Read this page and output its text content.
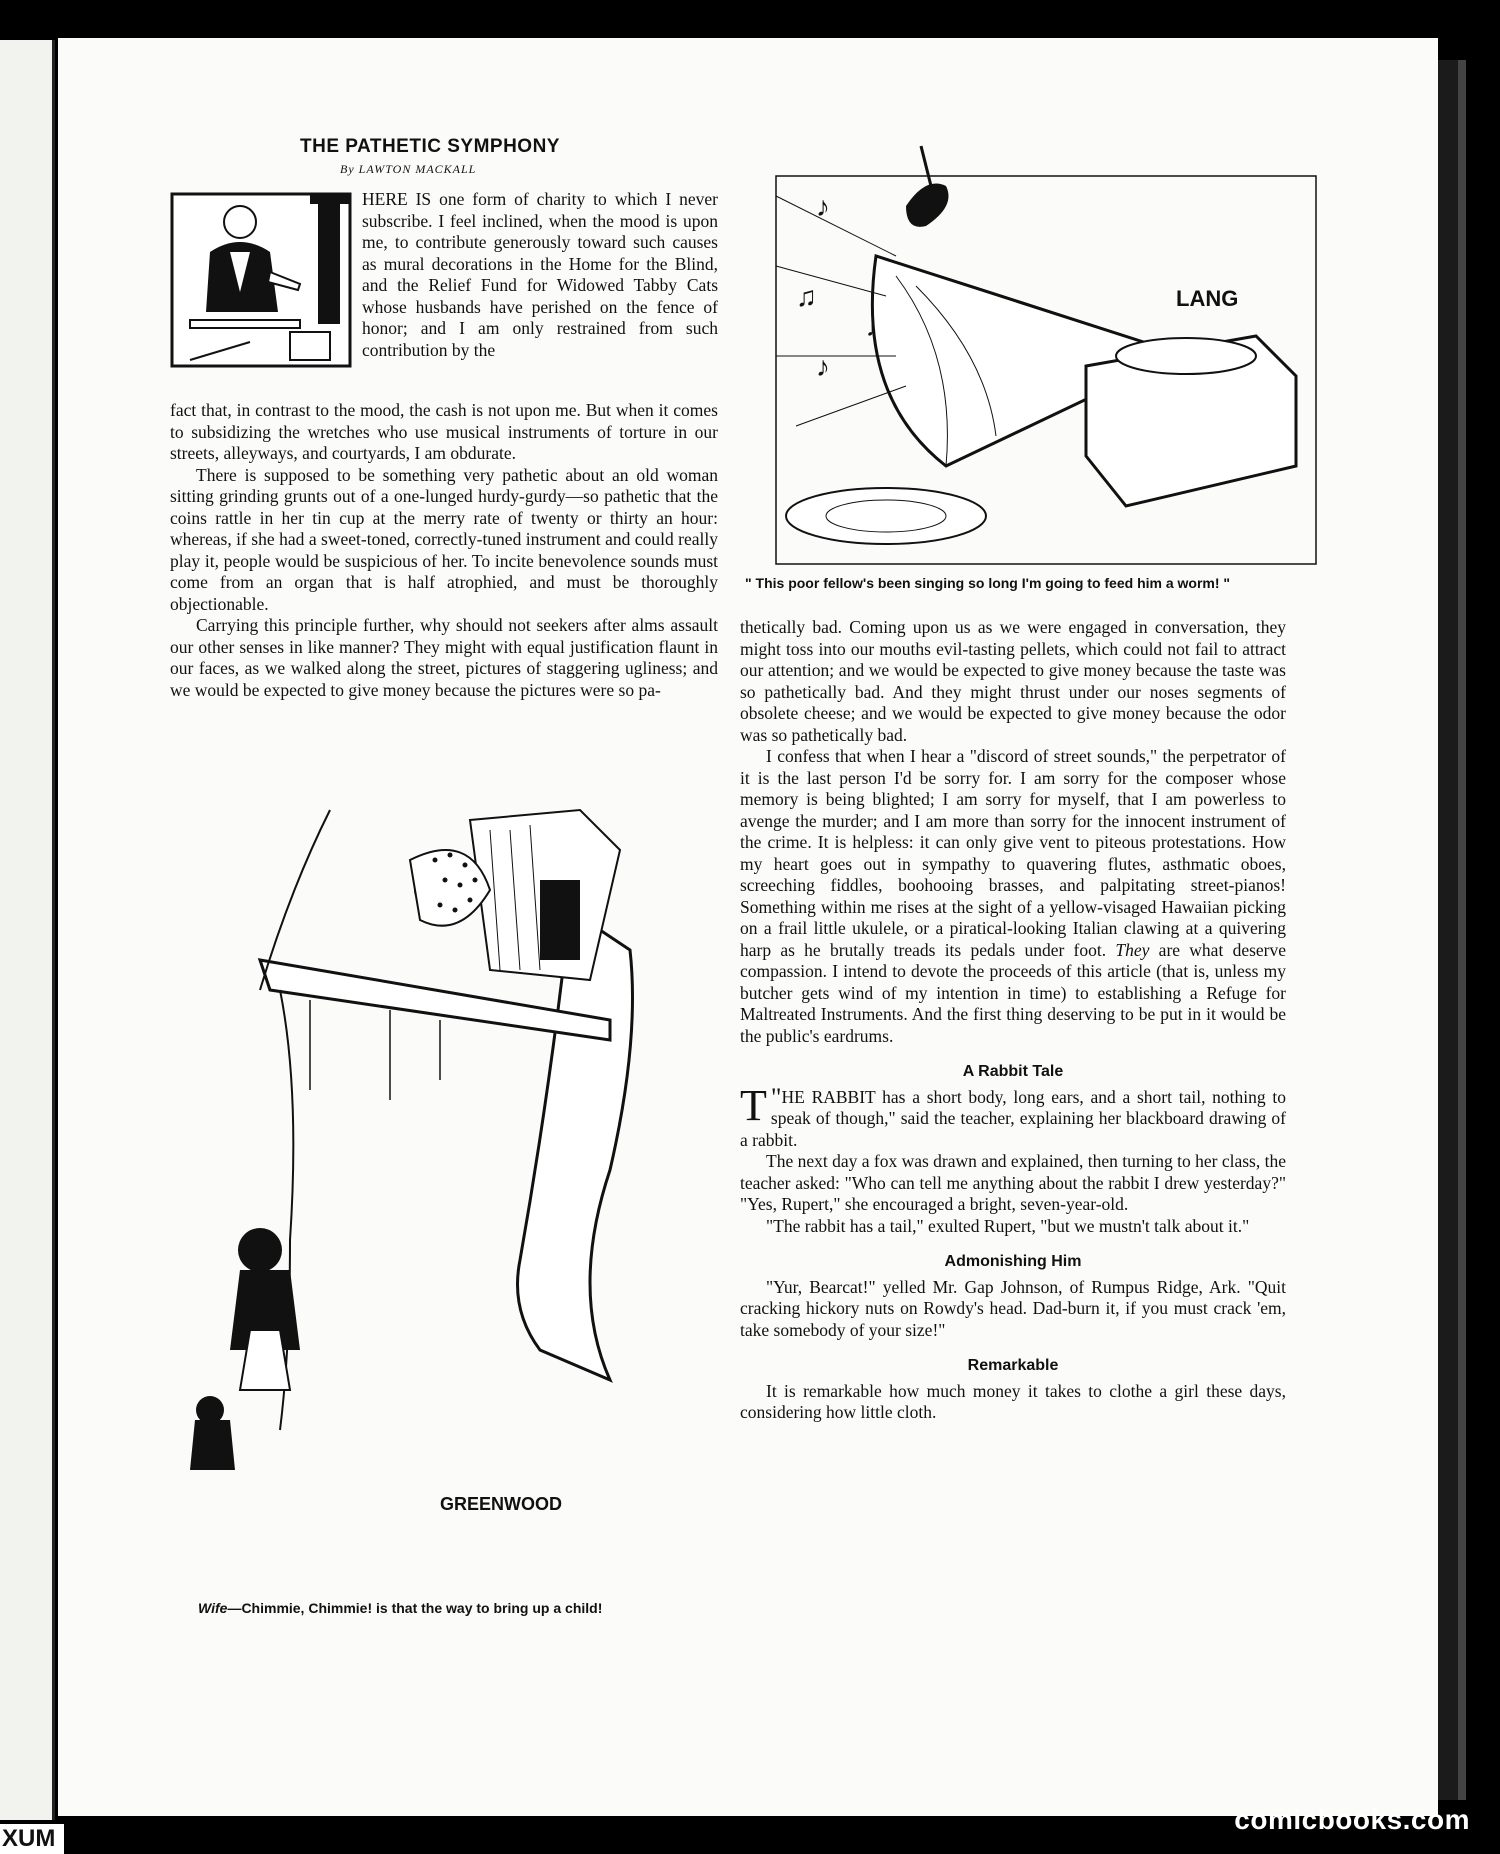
THE PATHETIC SYMPHONY
By LAWTON MACKALL
HERE IS one form of charity to which I never subscribe. I feel inclined, when the mood is upon me, to contribute generously toward such causes as mural decorations in the Home for the Blind, and the Relief Fund for Widowed Tabby Cats whose husbands have perished on the fence of honor; and I am only restrained from such contribution by the

fact that, in contrast to the mood, the cash is not upon me. But when it comes to subsidizing the wretches who use musical instruments of torture in our streets, alleyways, and courtyards, I am obdurate.

There is supposed to be something very pathetic about an old woman sitting grinding grunts out of a one-lunged hurdy-gurdy—so pathetic that the coins rattle in her tin cup at the merry rate of twenty or thirty an hour: whereas, if she had a sweet-toned, correctly-tuned instrument and could really play it, people would be suspicious of her. To incite benevolence sounds must come from an organ that is half atrophied, and must be thoroughly objectionable.

Carrying this principle further, why should not seekers after alms assault our other senses in like manner? They might with equal justification flaunt in our faces, as we walked along the street, pictures of staggering ugliness; and we would be expected to give money because the pictures were so pa-

♪
♫
♪
♩
LANG
" This poor fellow's been singing so long I'm going to feed him a worm! "

thetically bad. Coming upon us as we were engaged in conversation, they might toss into our mouths evil-tasting pellets, which could not fail to attract our attention; and we would be expected to give money because the taste was so pathetically bad. And they might thrust under our noses segments of obsolete cheese; and we would be expected to give money because the odor was so pathetically bad.

I confess that when I hear a "discord of street sounds," the perpetrator of it is the last person I'd be sorry for. I am sorry for the composer whose memory is being blighted; I am sorry for myself, that I am powerless to avenge the murder; and I am more than sorry for the innocent instrument of the crime. It is helpless: it can only give vent to piteous protestations. How my heart goes out in sympathy to quavering flutes, asthmatic oboes, screeching fiddles, boohooing brasses, and palpitating street-pianos! Something within me rises at the sight of a yellow-visaged Hawaiian picking on a frail little ukulele, or a piratical-looking Italian clawing at a quivering harp as he brutally treads its pedals under foot. They are what deserve compassion. I intend to devote the proceeds of this article (that is, unless my butcher gets wind of my intention in time) to establishing a Refuge for Maltreated Instruments. And the first thing deserving to be put in it would be the public's eardrums.

A Rabbit Tale

"
T HE RABBIT has a short body, long ears, and a short tail, nothing to speak of though," said the teacher, explaining her blackboard drawing of a rabbit.

The next day a fox was drawn and explained, then turning to her class, the teacher asked: "Who can tell me anything about the rabbit I drew yesterday?" "Yes, Rupert," she encouraged a bright, seven-year-old.

"The rabbit has a tail," exulted Rupert, "but we mustn't talk about it."

Admonishing Him

"Yur, Bearcat!" yelled Mr. Gap Johnson, of Rumpus Ridge, Ark. "Quit cracking hickory nuts on Rowdy's head. Dad-burn it, if you must crack 'em, take somebody of your size!"

Remarkable

It is remarkable how much money it takes to clothe a girl these days, considering how little cloth.

GREENWOOD
Wife—Chimmie, Chimmie! is that the way to bring up a child!
comicbooks.com
XUM
